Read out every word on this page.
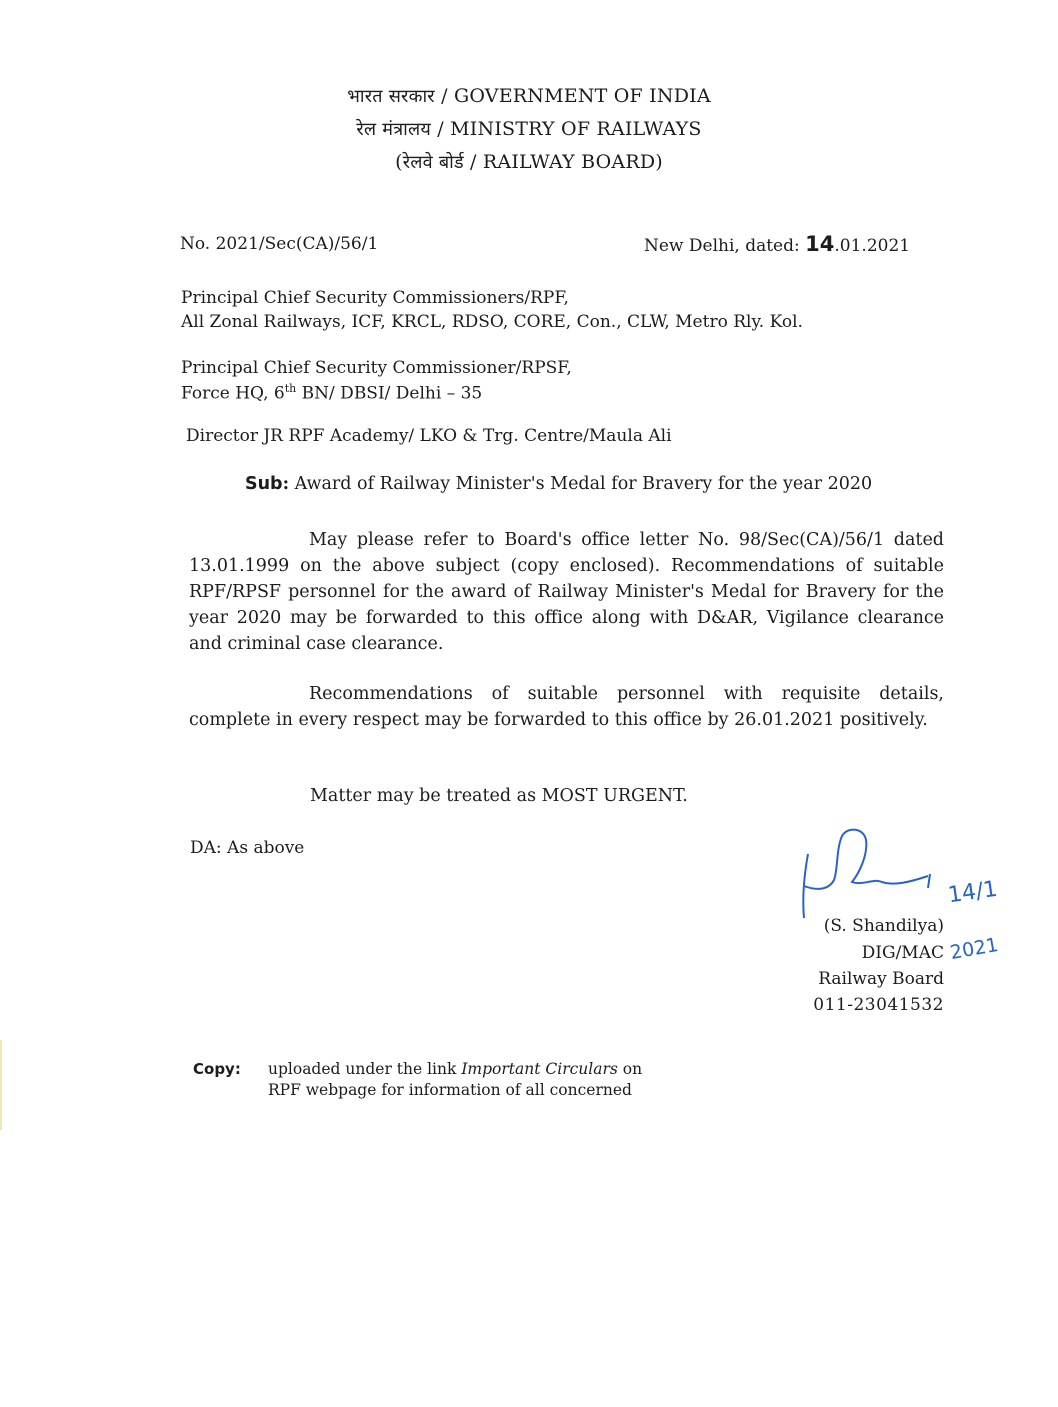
भारत सरकार / GOVERNMENT OF INDIA
रेल मंत्रालय / MINISTRY OF RAILWAYS
(रेलवे बोर्ड / RAILWAY BOARD)
No. 2021/Sec(CA)/56/1	New Delhi, dated: 14.01.2021
Principal Chief Security Commissioners/RPF,
All Zonal Railways, ICF, KRCL, RDSO, CORE, Con., CLW, Metro Rly. Kol.
Principal Chief Security Commissioner/RPSF,
Force HQ, 6th BN/ DBSI/ Delhi – 35
Director JR RPF Academy/ LKO & Trg. Centre/Maula Ali
Sub: Award of Railway Minister's Medal for Bravery for the year 2020
May please refer to Board's office letter No. 98/Sec(CA)/56/1 dated 13.01.1999 on the above subject (copy enclosed). Recommendations of suitable RPF/RPSF personnel for the award of Railway Minister's Medal for Bravery for the year 2020 may be forwarded to this office along with D&AR, Vigilance clearance and criminal case clearance.
Recommendations of suitable personnel with requisite details, complete in every respect may be forwarded to this office by 26.01.2021 positively.
Matter may be treated as MOST URGENT.
DA: As above
14/1
2021
(S. Shandilya)
DIG/MAC
Railway Board
011-23041532
Copy: uploaded under the link Important Circulars on
RPF webpage for information of all concerned
